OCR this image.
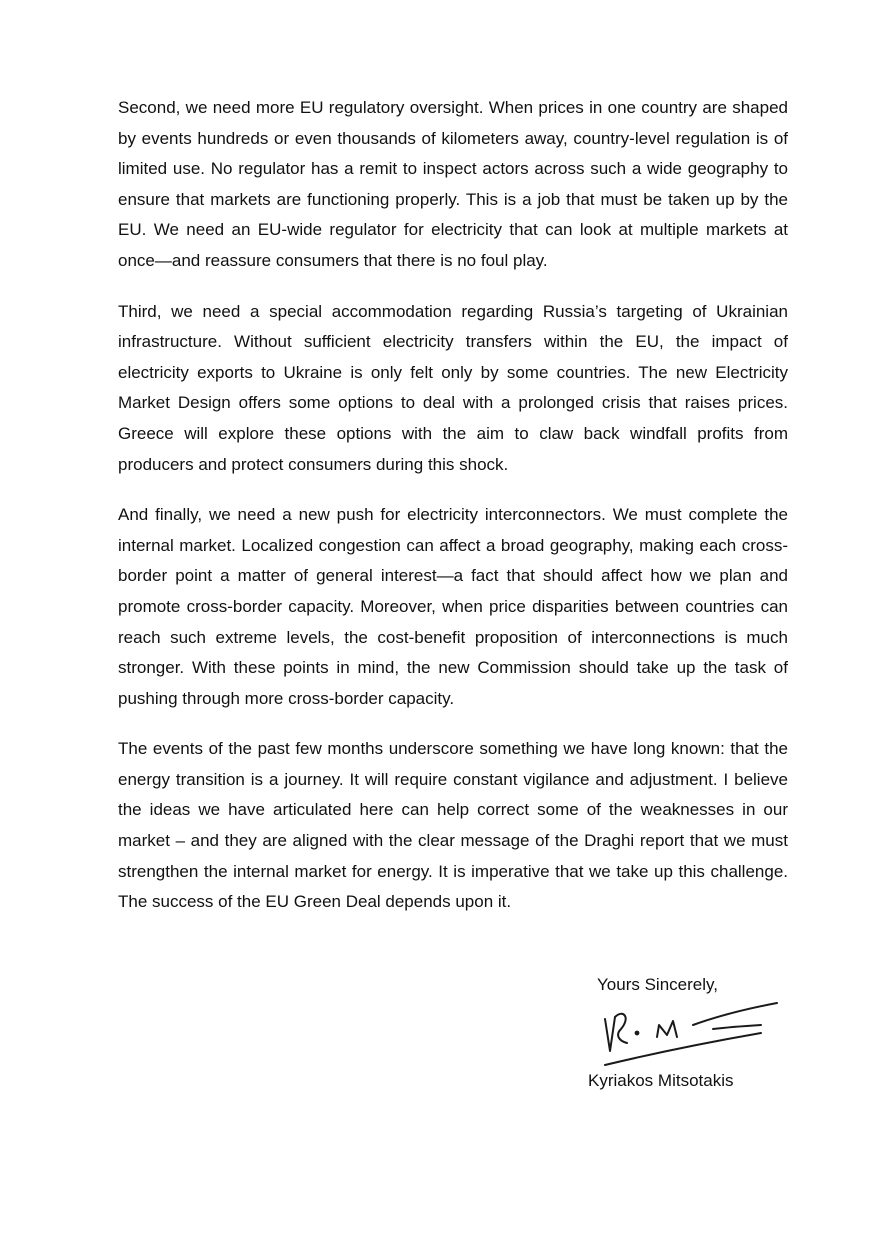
Second, we need more EU regulatory oversight. When prices in one country are shaped by events hundreds or even thousands of kilometers away, country-level regulation is of limited use. No regulator has a remit to inspect actors across such a wide geography to ensure that markets are functioning properly. This is a job that must be taken up by the EU. We need an EU-wide regulator for electricity that can look at multiple markets at once—and reassure consumers that there is no foul play.

Third, we need a special accommodation regarding Russia’s targeting of Ukrainian infrastructure. Without sufficient electricity transfers within the EU, the impact of electricity exports to Ukraine is only felt only by some countries. The new Electricity Market Design offers some options to deal with a prolonged crisis that raises prices. Greece will explore these options with the aim to claw back windfall profits from producers and protect consumers during this shock.

And finally, we need a new push for electricity interconnectors. We must complete the internal market. Localized congestion can affect a broad geography, making each cross-border point a matter of general interest—a fact that should affect how we plan and promote cross-border capacity. Moreover, when price disparities between countries can reach such extreme levels, the cost-benefit proposition of interconnections is much stronger. With these points in mind, the new Commission should take up the task of pushing through more cross-border capacity.

The events of the past few months underscore something we have long known: that the energy transition is a journey. It will require constant vigilance and adjustment. I believe the ideas we have articulated here can help correct some of the weaknesses in our market – and they are aligned with the clear message of the Draghi report that we must strengthen the internal market for energy. It is imperative that we take up this challenge. The success of the EU Green Deal depends upon it.

Yours Sincerely,
Kyriakos Mitsotakis
